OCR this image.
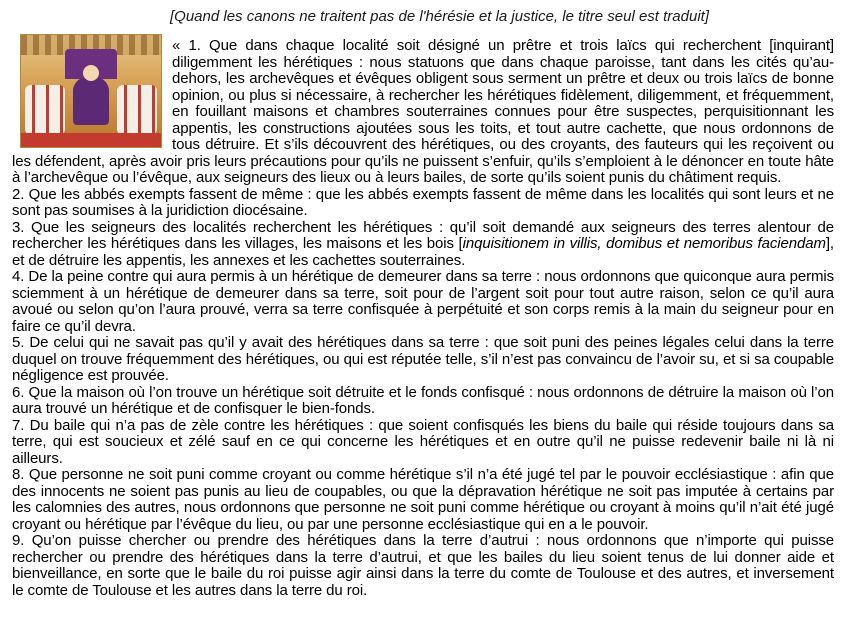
[Quand les canons ne traitent pas de l'hérésie et la justice, le titre seul est traduit]

« 1. Que dans chaque localité soit désigné un prêtre et trois laïcs qui recherchent [inquirant] diligemment les hérétiques : nous statuons que dans chaque paroisse, tant dans les cités qu’au-dehors, les archevêques et évêques obligent sous serment un prêtre et deux ou trois laïcs de bonne opinion, ou plus si nécessaire, à rechercher les hérétiques fidèlement, diligemment, et fréquemment, en fouillant maisons et chambres souterraines connues pour être suspectes, perquisitionnant les appentis, les constructions ajoutées sous les toits, et tout autre cachette, que nous ordonnons de tous détruire. Et s’ils découvrent des hérétiques, ou des croyants, des fauteurs qui les reçoivent ou les défendent, après avoir pris leurs précautions pour qu’ils ne puissent s’enfuir, qu’ils s’emploient à le dénoncer en toute hâte à l’archevêque ou l’évêque, aux seigneurs des lieux ou à leurs bailes, de sorte qu’ils soient punis du châtiment requis.

2. Que les abbés exempts fassent de même : que les abbés exempts fassent de même dans les localités qui sont leurs et ne sont pas soumises à la juridiction diocésaine.

3. Que les seigneurs des localités recherchent les hérétiques : qu’il soit demandé aux seigneurs des terres alentour de rechercher les hérétiques dans les villages, les maisons et les bois [inquisitionem in villis, domibus et nemoribus faciendam], et de détruire les appentis, les annexes et les cachettes souterraines.

4. De la peine contre qui aura permis à un hérétique de demeurer dans sa terre : nous ordonnons que quiconque aura permis sciemment à un hérétique de demeurer dans sa terre, soit pour de l’argent soit pour tout autre raison, selon ce qu’il aura avoué ou selon qu’on l’aura prouvé, verra sa terre confisquée à perpétuité et son corps remis à la main du seigneur pour en faire ce qu’il devra.

5. De celui qui ne savait pas qu’il y avait des hérétiques dans sa terre : que soit puni des peines légales celui dans la terre duquel on trouve fréquemment des hérétiques, ou qui est réputée telle, s’il n’est pas convaincu de l’avoir su, et si sa coupable négligence est prouvée.

6. Que la maison où l’on trouve un hérétique soit détruite et le fonds confisqué : nous ordonnons de détruire la maison où l’on aura trouvé un hérétique et de confisquer le bien-fonds.

7. Du baile qui n’a pas de zèle contre les hérétiques : que soient confisqués les biens du baile qui réside toujours dans sa terre, qui est soucieux et zélé sauf en ce qui concerne les hérétiques et en outre qu’il ne puisse redevenir baile ni là ni ailleurs.

8. Que personne ne soit puni comme croyant ou comme hérétique s’il n’a été jugé tel par le pouvoir ecclésiastique : afin que des innocents ne soient pas punis au lieu de coupables, ou que la dépravation hérétique ne soit pas imputée à certains par les calomnies des autres, nous ordonnons que personne ne soit puni comme hérétique ou croyant à moins qu’il n’ait été jugé croyant ou hérétique par l’évêque du lieu, ou par une personne ecclésiastique qui en a le pouvoir.

9. Qu’on puisse chercher ou prendre des hérétiques dans la terre d’autrui : nous ordonnons que n’importe qui puisse rechercher ou prendre des hérétiques dans la terre d’autrui, et que les bailes du lieu soient tenus de lui donner aide et bienveillance, en sorte que le baile du roi puisse agir ainsi dans la terre du comte de Toulouse et des autres, et inversement le comte de Toulouse et les autres dans la terre du roi.
